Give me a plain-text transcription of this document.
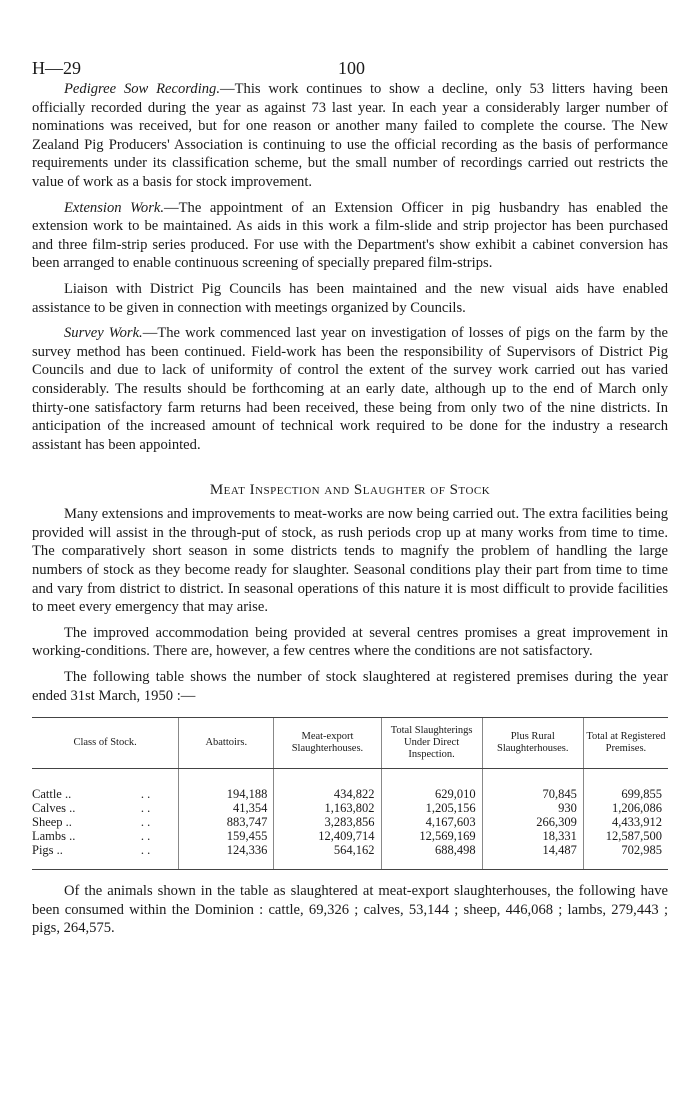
H—29	100

Pedigree Sow Recording.—This work continues to show a decline, only 53 litters having been officially recorded during the year as against 73 last year. In each year a considerably larger number of nominations was received, but for one reason or another many failed to complete the course. The New Zealand Pig Producers' Association is continuing to use the official recording as the basis of performance requirements under its classification scheme, but the small number of recordings carried out restricts the value of work as a basis for stock improvement.

Extension Work.—The appointment of an Extension Officer in pig husbandry has enabled the extension work to be maintained. As aids in this work a film-slide and strip projector has been purchased and three film-strip series produced. For use with the Department's show exhibit a cabinet conversion has been arranged to enable continuous screening of specially prepared film-strips.

Liaison with District Pig Councils has been maintained and the new visual aids have enabled assistance to be given in connection with meetings organized by Councils.

Survey Work.—The work commenced last year on investigation of losses of pigs on the farm by the survey method has been continued. Field-work has been the responsibility of Supervisors of District Pig Councils and due to lack of uniformity of control the extent of the survey work carried out has varied considerably. The results should be forthcoming at an early date, although up to the end of March only thirty-one satisfactory farm returns had been received, these being from only two of the nine districts. In anticipation of the increased amount of technical work required to be done for the industry a research assistant has been appointed.

Meat Inspection and Slaughter of Stock

Many extensions and improvements to meat-works are now being carried out. The extra facilities being provided will assist in the through-put of stock, as rush periods crop up at many works from time to time. The comparatively short season in some districts tends to magnify the problem of handling the large numbers of stock as they become ready for slaughter. Seasonal conditions play their part from time to time and vary from district to district. In seasonal operations of this nature it is most difficult to provide facilities to meet every emergency that may arise.

The improved accommodation being provided at several centres promises a great improvement in working-conditions. There are, however, a few centres where the conditions are not satisfactory.

The following table shows the number of stock slaughtered at registered premises during the year ended 31st March, 1950 :—

Class of Stock.	Abattoirs.	Meat-export Slaughterhouses.	Total Slaughterings Under Direct Inspection.	Plus Rural Slaughterhouses.	Total at Registered Premises.

Cattle .. . .	194,188	434,822	629,010	70,845	699,855

Calves .. . .	41,354	1,163,802	1,205,156	930	1,206,086

Sheep .. . .	883,747	3,283,856	4,167,603	266,309	4,433,912

Lambs .. . .	159,455	12,409,714	12,569,169	18,331	12,587,500

Pigs .. . .	124,336	564,162	688,498	14,487	702,985

Of the animals shown in the table as slaughtered at meat-export slaughterhouses, the following have been consumed within the Dominion : cattle, 69,326 ; calves, 53,144 ; sheep, 446,068 ; lambs, 279,443 ; pigs, 264,575.
